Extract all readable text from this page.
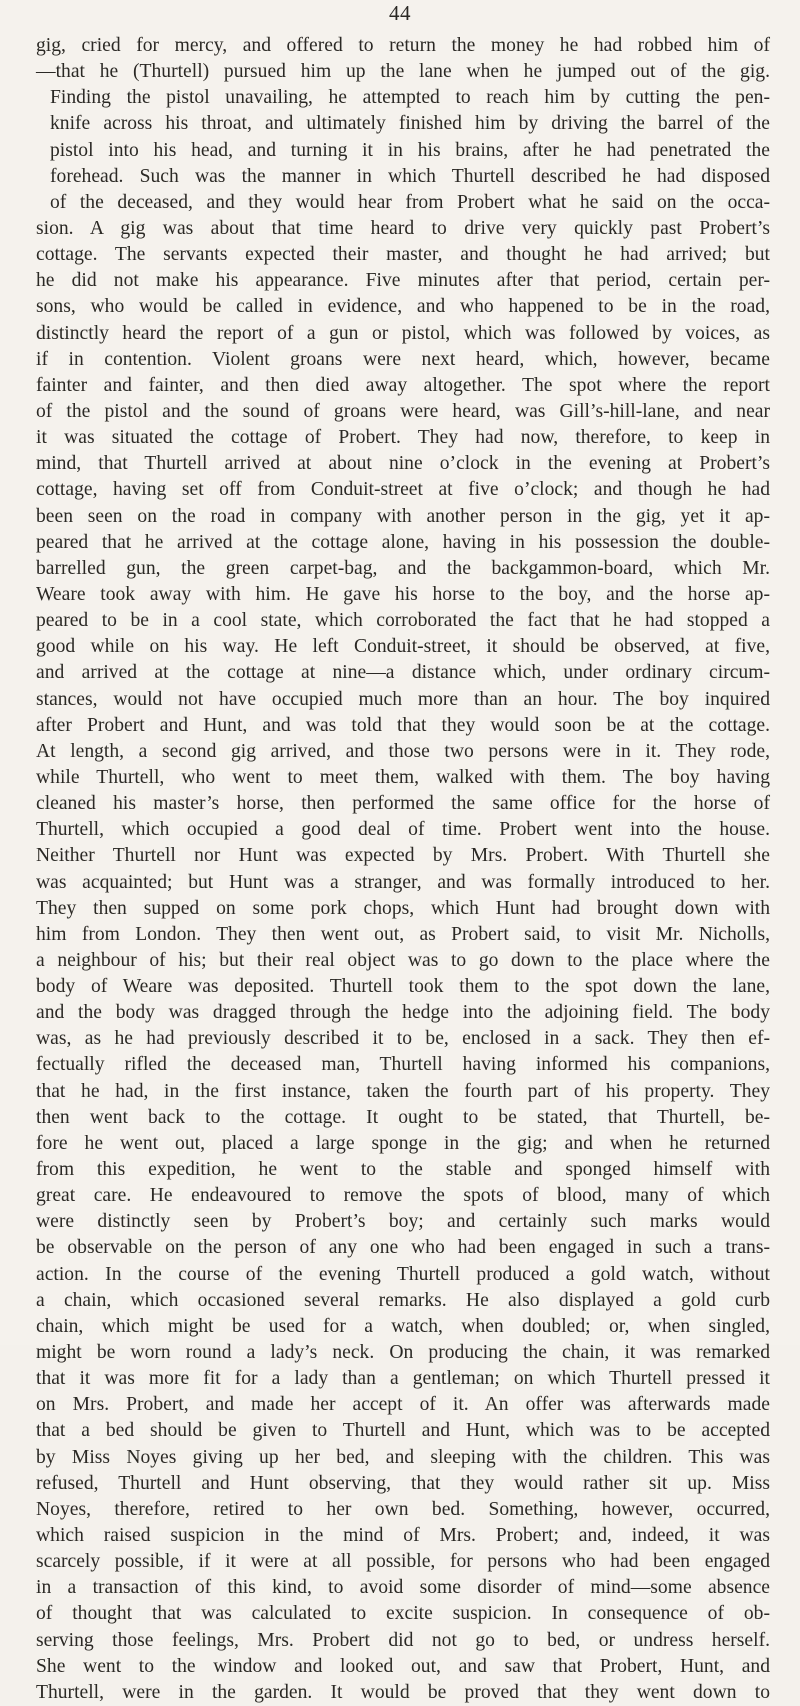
44
gig, cried for mercy, and offered to return the money he had robbed him of
—that he (Thurtell) pursued him up the lane when he jumped out of the gig.
Finding the pistol unavailing, he attempted to reach him by cutting the pen-
knife across his throat, and ultimately finished him by driving the barrel of the
pistol into his head, and turning it in his brains, after he had penetrated the
forehead. Such was the manner in which Thurtell described he had disposed
of the deceased, and they would hear from Probert what he said on the occa-
sion. A gig was about that time heard to drive very quickly past Probert’s
cottage. The servants expected their master, and thought he had arrived; but
he did not make his appearance. Five minutes after that period, certain per-
sons, who would be called in evidence, and who happened to be in the road,
distinctly heard the report of a gun or pistol, which was followed by voices, as
if in contention. Violent groans were next heard, which, however, became
fainter and fainter, and then died away altogether. The spot where the report
of the pistol and the sound of groans were heard, was Gill’s-hill-lane, and near
it was situated the cottage of Probert. They had now, therefore, to keep in
mind, that Thurtell arrived at about nine o’clock in the evening at Probert’s
cottage, having set off from Conduit-street at five o’clock; and though he had
been seen on the road in company with another person in the gig, yet it ap-
peared that he arrived at the cottage alone, having in his possession the double-
barrelled gun, the green carpet-bag, and the backgammon-board, which Mr.
Weare took away with him. He gave his horse to the boy, and the horse ap-
peared to be in a cool state, which corroborated the fact that he had stopped a
good while on his way. He left Conduit-street, it should be observed, at five,
and arrived at the cottage at nine—a distance which, under ordinary circum-
stances, would not have occupied much more than an hour. The boy inquired
after Probert and Hunt, and was told that they would soon be at the cottage.
At length, a second gig arrived, and those two persons were in it. They rode,
while Thurtell, who went to meet them, walked with them. The boy having
cleaned his master’s horse, then performed the same office for the horse of
Thurtell, which occupied a good deal of time. Probert went into the house.
Neither Thurtell nor Hunt was expected by Mrs. Probert. With Thurtell she
was acquainted; but Hunt was a stranger, and was formally introduced to her.
They then supped on some pork chops, which Hunt had brought down with
him from London. They then went out, as Probert said, to visit Mr. Nicholls,
a neighbour of his; but their real object was to go down to the place where the
body of Weare was deposited. Thurtell took them to the spot down the lane,
and the body was dragged through the hedge into the adjoining field. The body
was, as he had previously described it to be, enclosed in a sack. They then ef-
fectually rifled the deceased man, Thurtell having informed his companions,
that he had, in the first instance, taken the fourth part of his property. They
then went back to the cottage. It ought to be stated, that Thurtell, be-
fore he went out, placed a large sponge in the gig; and when he returned
from this expedition, he went to the stable and sponged himself with
great care. He endeavoured to remove the spots of blood, many of which
were distinctly seen by Probert’s boy; and certainly such marks would
be observable on the person of any one who had been engaged in such a trans-
action. In the course of the evening Thurtell produced a gold watch, without
a chain, which occasioned several remarks. He also displayed a gold curb
chain, which might be used for a watch, when doubled; or, when singled,
might be worn round a lady’s neck. On producing the chain, it was remarked
that it was more fit for a lady than a gentleman; on which Thurtell pressed it
on Mrs. Probert, and made her accept of it. An offer was afterwards made
that a bed should be given to Thurtell and Hunt, which was to be accepted
by Miss Noyes giving up her bed, and sleeping with the children. This was
refused, Thurtell and Hunt observing, that they would rather sit up. Miss
Noyes, therefore, retired to her own bed. Something, however, occurred,
which raised suspicion in the mind of Mrs. Probert; and, indeed, it was
scarcely possible, if it were at all possible, for persons who had been engaged
in a transaction of this kind, to avoid some disorder of mind—some absence
of thought that was calculated to excite suspicion. In consequence of ob-
serving those feelings, Mrs. Probert did not go to bed, or undress herself.
She went to the window and looked out, and saw that Probert, Hunt, and
Thurtell, were in the garden. It would be proved that they went down to
